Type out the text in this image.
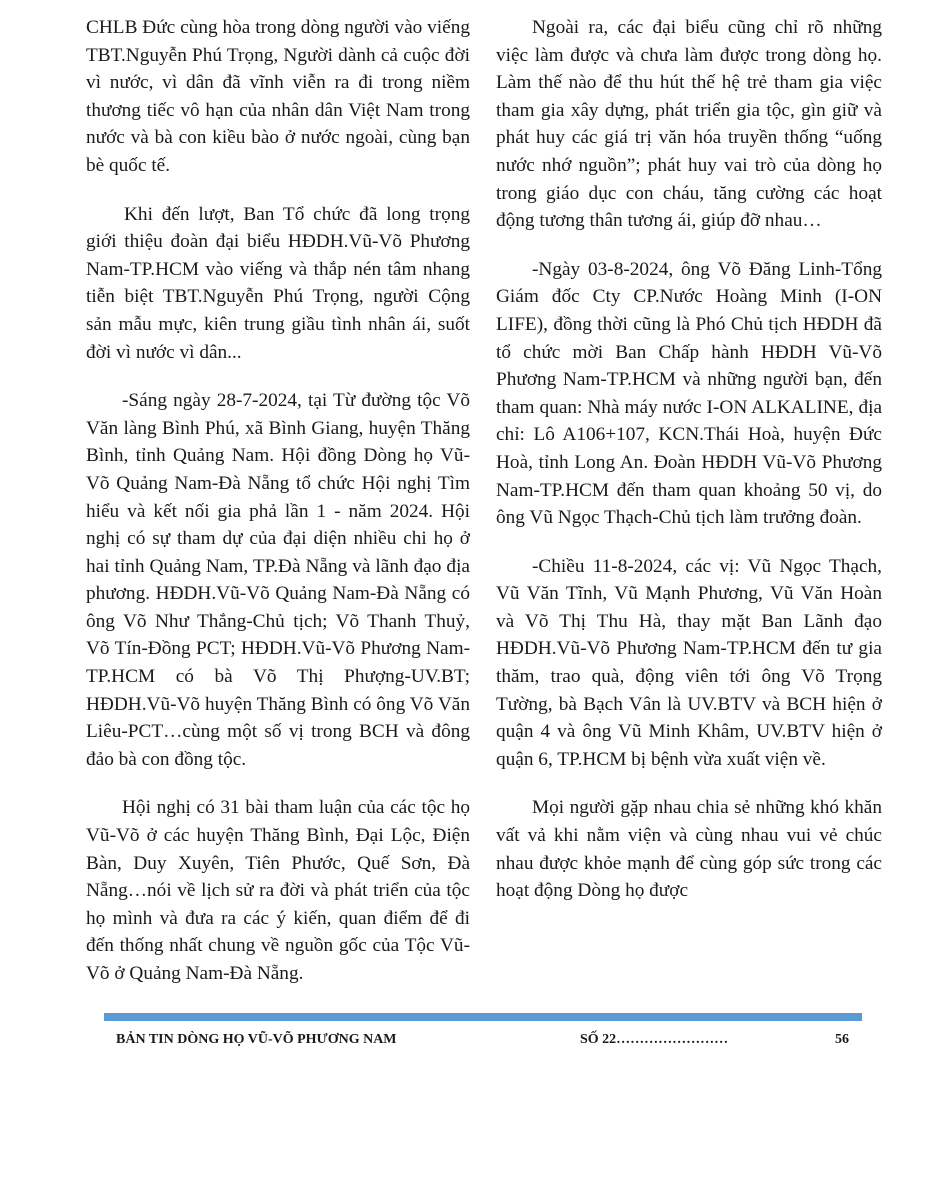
CHLB Đức cùng hòa trong dòng người vào viếng TBT.Nguyễn Phú Trọng, Người dành cả cuộc đời vì nước, vì dân đã vĩnh viễn ra đi trong niềm thương tiếc vô hạn của nhân dân Việt Nam trong nước và bà con kiều bào ở nước ngoài, cùng bạn bè quốc tế.

Khi đến lượt, Ban Tổ chức đã long trọng giới thiệu đoàn đại biểu HĐDH.Vũ-Võ Phương Nam-TP.HCM vào viếng và thắp nén tâm nhang tiễn biệt TBT.Nguyễn Phú Trọng, người Cộng sản mẫu mực, kiên trung giầu tình nhân ái, suốt đời vì nước vì dân...

-Sáng ngày 28-7-2024, tại Từ đường tộc Võ Văn làng Bình Phú, xã Bình Giang, huyện Thăng Bình, tỉnh Quảng Nam. Hội đồng Dòng họ Vũ-Võ Quảng Nam-Đà Nẵng tổ chức Hội nghị Tìm hiểu và kết nối gia phả lần 1 - năm 2024. Hội nghị có sự tham dự của đại diện nhiều chi họ ở hai tỉnh Quảng Nam, TP.Đà Nẵng và lãnh đạo địa phương. HĐDH.Vũ-Võ Quảng Nam-Đà Nẵng có ông Võ Như Thắng-Chủ tịch; Võ Thanh Thuỷ, Võ Tín-Đồng PCT; HĐDH.Vũ-Võ Phương Nam-TP.HCM có bà Võ Thị Phượng-UV.BT; HĐDH.Vũ-Võ huyện Thăng Bình có ông Võ Văn Liêu-PCT…cùng một số vị trong BCH và đông đảo bà con đồng tộc.

Hội nghị có 31 bài tham luận của các tộc họ Vũ-Võ ở các huyện Thăng Bình, Đại Lộc, Điện Bàn, Duy Xuyên, Tiên Phước, Quế Sơn, Đà Nẵng…nói về lịch sử ra đời và phát triển của tộc họ mình và đưa ra các ý kiến, quan điểm để đi đến thống nhất chung về nguồn gốc của Tộc Vũ-Võ ở Quảng Nam-Đà Nẵng.

Ngoài ra, các đại biểu cũng chỉ rõ những việc làm được và chưa làm được trong dòng họ. Làm thế nào để thu hút thế hệ trẻ tham gia việc tham gia xây dựng, phát triển gia tộc, gìn giữ và phát huy các giá trị văn hóa truyền thống “uống nước nhớ nguồn”; phát huy vai trò của dòng họ trong giáo dục con cháu, tăng cường các hoạt động tương thân tương ái, giúp đỡ nhau…

-Ngày 03-8-2024, ông Võ Đăng Linh-Tổng Giám đốc Cty CP.Nước Hoàng Minh (I-ON LIFE), đồng thời cũng là Phó Chủ tịch HĐDH đã tổ chức mời Ban Chấp hành HĐDH Vũ-Võ Phương Nam-TP.HCM và những người bạn, đến tham quan: Nhà máy nước I-ON ALKALINE, địa chỉ: Lô A106+107, KCN.Thái Hoà, huyện Đức Hoà, tỉnh Long An. Đoàn HĐDH Vũ-Võ Phương Nam-TP.HCM đến tham quan khoảng 50 vị, do ông Vũ Ngọc Thạch-Chủ tịch làm trưởng đoàn.

-Chiều 11-8-2024, các vị: Vũ Ngọc Thạch, Vũ Văn Tĩnh, Vũ Mạnh Phương, Vũ Văn Hoàn và Võ Thị Thu Hà, thay mặt Ban Lãnh đạo HĐDH.Vũ-Võ Phương Nam-TP.HCM đến tư gia thăm, trao quà, động viên tới ông Võ Trọng Tường, bà Bạch Vân là UV.BTV và BCH hiện ở quận 4 và ông Vũ Minh Khâm, UV.BTV hiện ở quận 6, TP.HCM bị bệnh vừa xuất viện về.

Mọi người gặp nhau chia sẻ những khó khăn vất vả khi nằm viện và cùng nhau vui vẻ chúc nhau được khỏe mạnh để cùng góp sức trong các hoạt động Dòng họ được

BẢN TIN DÒNG HỌ VŨ-VÕ PHƯƠNG NAM	SỐ 22……………………	56
